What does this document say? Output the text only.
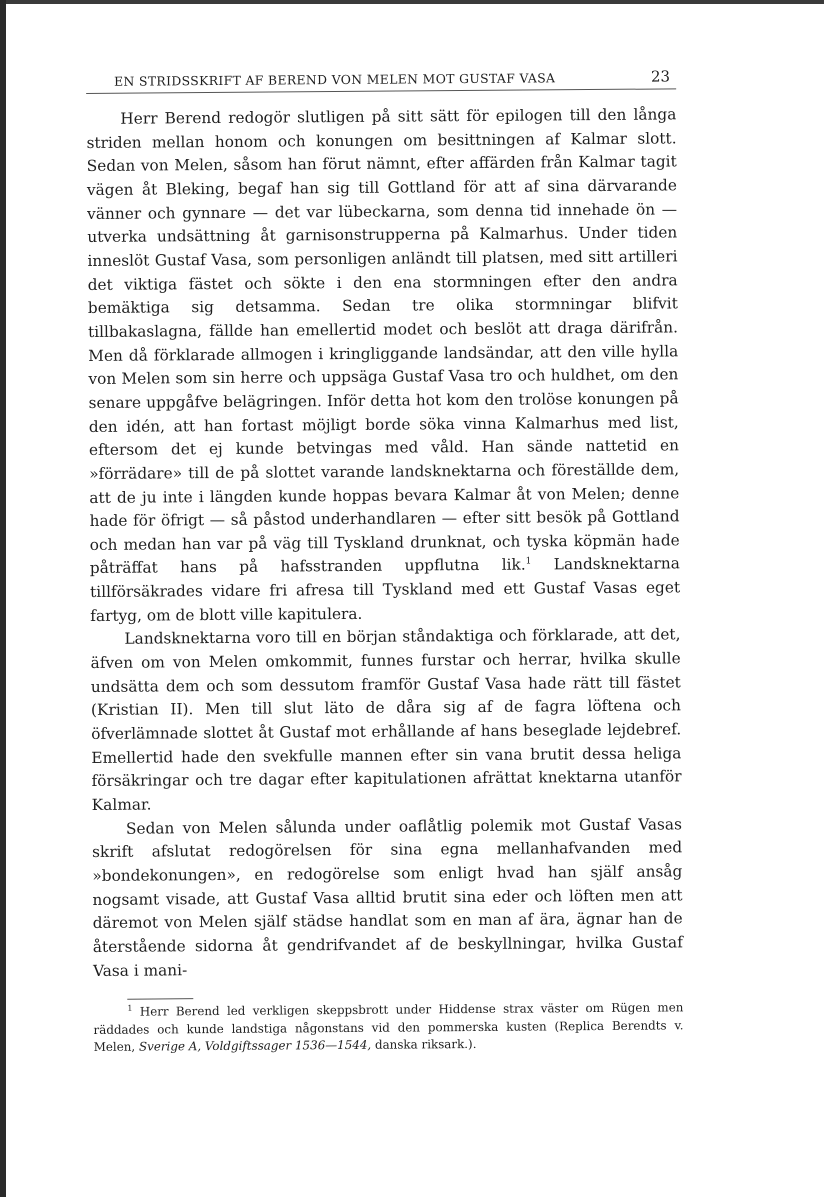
EN STRIDSSKRIFT AF BEREND VON MELEN MOT GUSTAF VASA	23

Herr Berend redogör slutligen på sitt sätt för epilogen till den långa striden mellan honom och konungen om besittningen af Kalmar slott. Sedan von Melen, såsom han förut nämnt, efter affärden från Kalmar tagit vägen åt Bleking, begaf han sig till Gottland för att af sina därvarande vänner och gynnare — det var lübeckarna, som denna tid innehade ön — utverka undsättning åt garnisonstrupperna på Kalmarhus. Under tiden inneslöt Gustaf Vasa, som personligen anländt till platsen, med sitt artilleri det viktiga fästet och sökte i den ena stormningen efter den andra bemäktiga sig detsamma. Sedan tre olika stormningar blifvit tillbakaslagna, fällde han emellertid modet och beslöt att draga därifrån. Men då förklarade allmogen i kringliggande landsändar, att den ville hylla von Melen som sin herre och uppsäga Gustaf Vasa tro och huldhet, om den senare uppgåfve belägringen. Inför detta hot kom den trolöse konungen på den idén, att han fortast möjligt borde söka vinna Kalmarhus med list, eftersom det ej kunde betvingas med våld. Han sände nattetid en »förrädare» till de på slottet varande landsknektarna och föreställde dem, att de ju inte i längden kunde hoppas bevara Kalmar åt von Melen; denne hade för öfrigt — så påstod underhandlaren — efter sitt besök på Gottland och medan han var på väg till Tyskland drunknat, och tyska köpmän hade påträffat hans på hafsstranden uppflutna lik.$^1$ Landsknektarna tillförsäkrades vidare fri afresa till Tyskland med ett Gustaf Vasas eget fartyg, om de blott ville kapitulera.

Landsknektarna voro till en början ståndaktiga och förklarade, att det, äfven om von Melen omkommit, funnes furstar och herrar, hvilka skulle undsätta dem och som dessutom framför Gustaf Vasa hade rätt till fästet (Kristian II). Men till slut läto de dåra sig af de fagra löftena och öfverlämnade slottet åt Gustaf mot erhållande af hans beseglade lejdebref. Emellertid hade den svekfulle mannen efter sin vana brutit dessa heliga försäkringar och tre dagar efter kapitulationen afrättat knektarna utanför Kalmar.

Sedan von Melen sålunda under oaflåtlig polemik mot Gustaf Vasas skrift afslutat redogörelsen för sina egna mellanhafvanden med »bondekonungen», en redogörelse som enligt hvad han själf ansåg nogsamt visade, att Gustaf Vasa alltid brutit sina eder och löften men att däremot von Melen själf städse handlat som en man af ära, ägnar han de återstående sidorna åt gendrifvandet af de beskyllningar, hvilka Gustaf Vasa i mani-

$^1$ Herr Berend led verkligen skeppsbrott under Hiddense strax väster om Rügen men räddades och kunde landstiga någonstans vid den pommerska kusten (Replica Berendts v. Melen, Sverige A, Voldgiftssager 1536—1544, danska riksark.).
